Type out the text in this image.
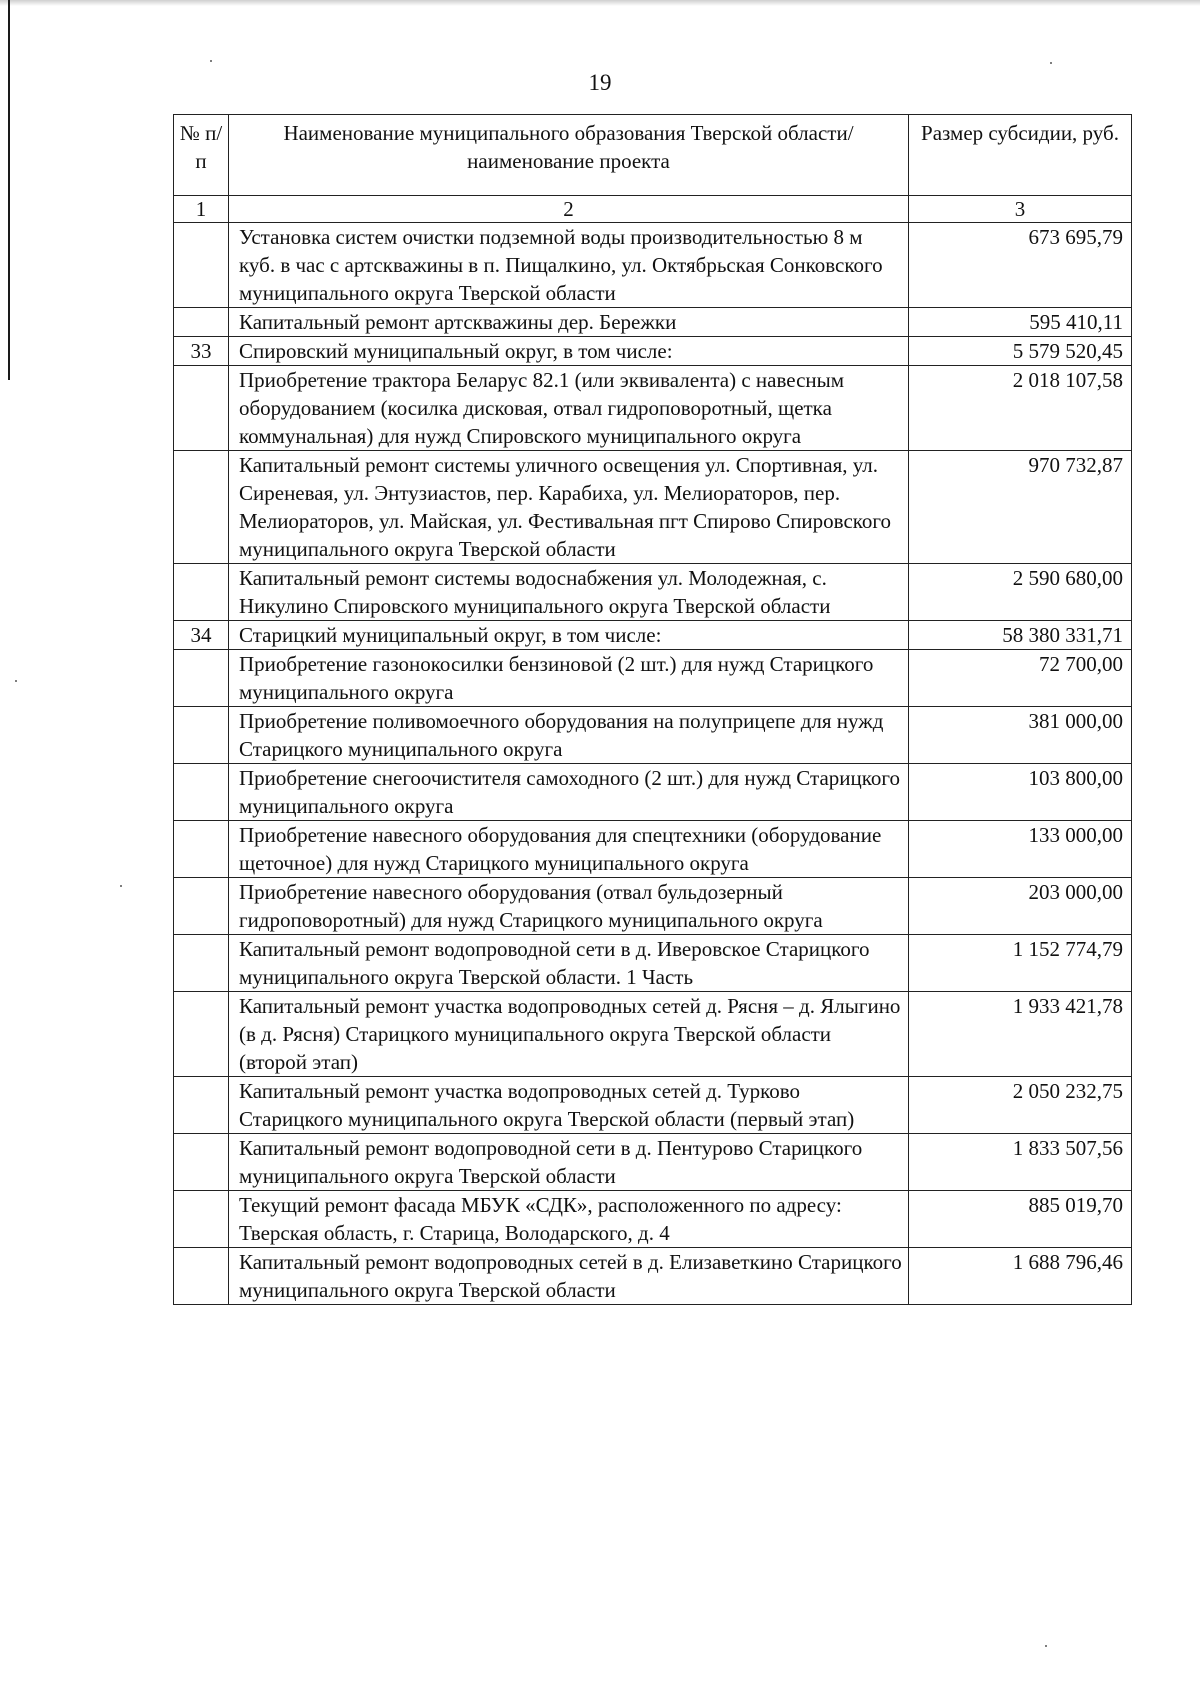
19
№ п/п	Наименование муниципального образования Тверской области/наименование проекта	Размер субсидии, руб.
1	2	3
	Установка систем очистки подземной воды производительностью 8 м куб. в час с артскважины в п. Пищалкино, ул. Октябрьская Сонковского муниципального округа Тверской области	673 695,79
	Капитальный ремонт артскважины дер. Бережки	595 410,11
33	Спировский муниципальный округ, в том числе:	5 579 520,45
	Приобретение трактора Беларус 82.1 (или эквивалента) с навесным оборудованием (косилка дисковая, отвал гидроповоротный, щетка коммунальная) для нужд Спировского муниципального округа	2 018 107,58
	Капитальный ремонт системы уличного освещения ул. Спортивная, ул. Сиреневая, ул. Энтузиастов, пер. Карабиха, ул. Мелиораторов, пер. Мелиораторов, ул. Майская, ул. Фестивальная пгт Спирово Спировского муниципального округа Тверской области	970 732,87
	Капитальный ремонт системы водоснабжения ул. Молодежная, с. Никулино Спировского муниципального округа Тверской области	2 590 680,00
34	Старицкий муниципальный округ, в том числе:	58 380 331,71
	Приобретение газонокосилки бензиновой (2 шт.) для нужд Старицкого муниципального округа	72 700,00
	Приобретение поливомоечного оборудования на полуприцепе для нужд Старицкого муниципального округа	381 000,00
	Приобретение снегоочистителя самоходного (2 шт.) для нужд Старицкого муниципального округа	103 800,00
	Приобретение навесного оборудования для спецтехники (оборудование щеточное) для нужд Старицкого муниципального округа	133 000,00
	Приобретение навесного оборудования (отвал бульдозерный гидроповоротный) для нужд Старицкого муниципального округа	203 000,00
	Капитальный ремонт водопроводной сети в д. Иверовское Старицкого муниципального округа Тверской области. 1 Часть	1 152 774,79
	Капитальный ремонт участка водопроводных сетей д. Рясня – д. Ялыгино (в д. Рясня) Старицкого муниципального округа Тверской области (второй этап)	1 933 421,78
	Капитальный ремонт участка водопроводных сетей д. Турково Старицкого муниципального округа Тверской области (первый этап)	2 050 232,75
	Капитальный ремонт водопроводной сети в д. Пентурово Старицкого муниципального округа Тверской области	1 833 507,56
	Текущий ремонт фасада МБУК «СДК», расположенного по адресу: Тверская область, г. Старица, Володарского, д. 4	885 019,70
	Капитальный ремонт водопроводных сетей в д. Елизаветкино Старицкого муниципального округа Тверской области	1 688 796,46
